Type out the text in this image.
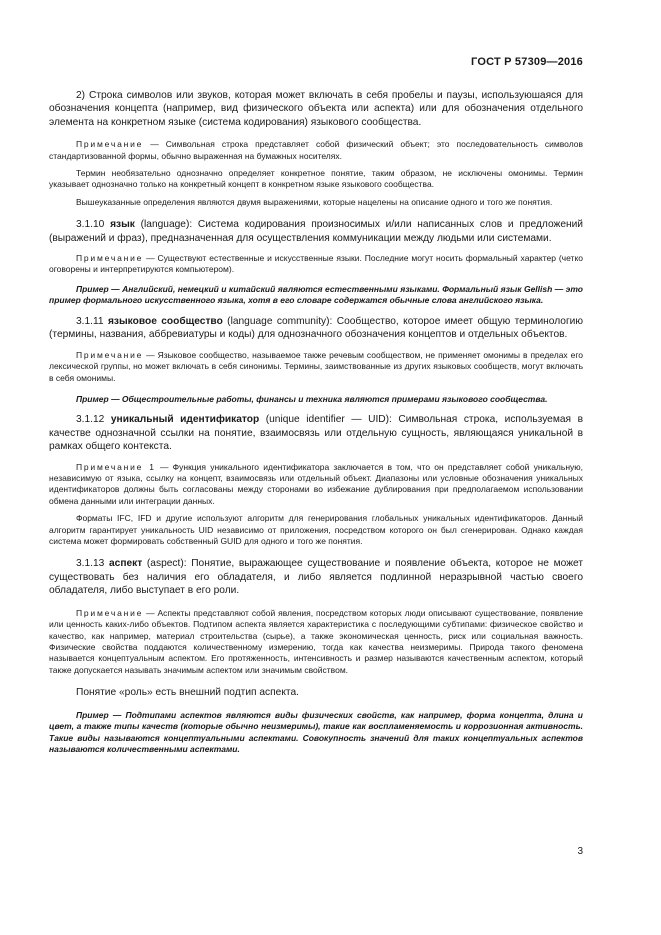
ГОСТ Р 57309—2016

2) Строка символов или звуков, которая может включать в себя пробелы и паузы, используюшаяся для обозначения концепта (например, вид физического объекта или аспекта) или для обозначения отдельного элемента на конкретном языке (система кодирования) языкового сообщества.

Примечание — Символьная строка представляет собой физический объект; это последовательность символов стандартизованной формы, обычно выраженная на бумажных носителях.

Термин необязательно однозначно определяет конкретное понятие, таким образом, не исключены омонимы. Термин указывает однозначно только на конкретный концепт в конкретном языке языкового сообщества.

Вышеуказанные определения являются двумя выражениями, которые нацелены на описание одного и того же понятия.

3.1.10 язык (language): Система кодирования произносимых и/или написанных слов и предложений (выражений и фраз), предназначенная для осуществления коммуникации между людьми или системами.

Примечание — Существуют естественные и искусственные языки. Последние могут носить формальный характер (четко оговорены и интерпретируются компьютером).

Пример — Английский, немецкий и китайский являются естественными языками. Формальный язык Gellish — это пример формального искусственного языка, хотя в его словаре содержатся обычные слова английского языка.

3.1.11 языковое сообщество (language community): Сообщество, которое имеет общую терминологию (термины, названия, аббревиатуры и коды) для однозначного обозначения концептов и отдельных объектов.

Примечание — Языковое сообщество, называемое также речевым сообществом, не применяет омонимы в пределах его лексической группы, но может включать в себя синонимы. Термины, заимствованные из других языковых сообществ, могут включать в себя омонимы.

Пример — Общестроительные работы, финансы и техника являются примерами языкового сообщества.

3.1.12 уникальный идентификатор (unique identifier — UID): Символьная строка, используемая в качестве однозначной ссылки на понятие, взаимосвязь или отдельную сущность, являющаяся уникальной в рамках общего контекста.

Примечание 1 — Функция уникального идентификатора заключается в том, что он представляет собой уникальную, независимую от языка, ссылку на концепт, взаимосвязь или отдельный объект. Диапазоны или условные обозначения уникальных идентификаторов должны быть согласованы между сторонами во избежание дублирования при предполагаемом использовании обмена данными или интеграции данных.

Форматы IFC, IFD и другие используют алгоритм для генерирования глобальных уникальных идентификаторов. Данный алгоритм гарантирует уникальность UID независимо от приложения, посредством которого он был сгенерирован. Однако каждая система может формировать собственный GUID для одного и того же понятия.

3.1.13 аспект (aspect): Понятие, выражающее существование и появление объекта, которое не может существовать без наличия его обладателя, и либо является подлинной неразрывной частью своего обладателя, либо выступает в его роли.

Примечание — Аспекты представляют собой явления, посредством которых люди описывают существование, появление или ценность каких-либо объектов. Подтипом аспекта является характеристика с последующими субтипами: физическое свойство и качество, как например, материал строительства (сырье), а также экономическая ценность, риск или социальная важность. Физические свойства поддаются количественному измерению, тогда как качества неизмеримы. Природа такого феномена называется концептуальным аспектом. Его протяженность, интенсивность и размер называются качественным аспектом, который также допускается называть значимым аспектом или значимым свойством.

Понятие «роль» есть внешний подтип аспекта.

Пример — Подтипами аспектов являются виды физических свойств, как например, форма концепта, длина и цвет, а также типы качеств (которые обычно неизмеримы), такие как воспламеняемость и коррозионная активность. Такие виды называются концептуальными аспектами. Совокупность значений для таких концептуальных аспектов называются количественными аспектами.

3
